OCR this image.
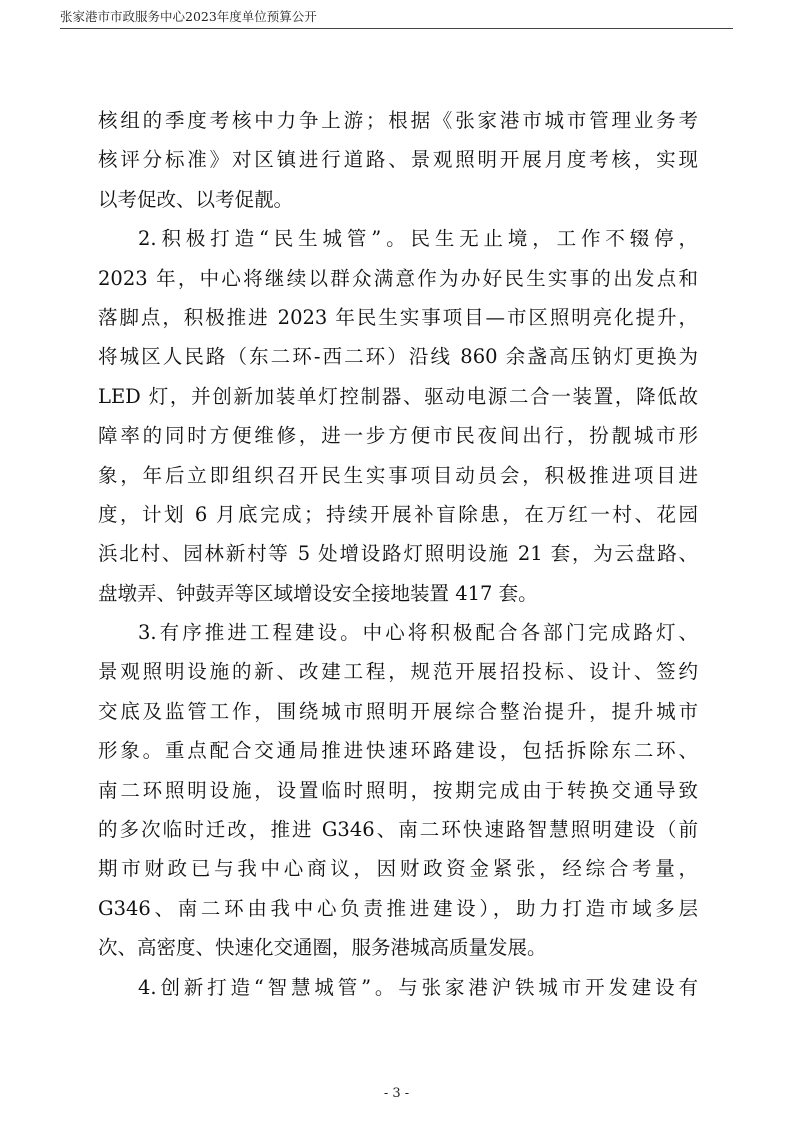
张家港市市政服务中心2023年度单位预算公开
核组的季度考核中力争上游；根据《张家港市城市管理业务考
核评分标准》对区镇进行道路、景观照明开展月度考核，实现
以考促改、以考促靓。
2.积极打造“民生城管”。民生无止境，工作不辍停，
2023 年，中心将继续以群众满意作为办好民生实事的出发点和
落脚点，积极推进 2023 年民生实事项目—市区照明亮化提升，
将城区人民路（东二环-西二环）沿线 860 余盏高压钠灯更换为
LED 灯，并创新加装单灯控制器、驱动电源二合一装置，降低故
障率的同时方便维修，进一步方便市民夜间出行，扮靓城市形
象，年后立即组织召开民生实事项目动员会，积极推进项目进
度，计划 6 月底完成；持续开展补盲除患，在万红一村、花园
浜北村、园林新村等 5 处增设路灯照明设施 21 套，为云盘路、
盘墩弄、钟鼓弄等区域增设安全接地装置 417 套。
3.有序推进工程建设。中心将积极配合各部门完成路灯、
景观照明设施的新、改建工程，规范开展招投标、设计、签约
交底及监管工作，围绕城市照明开展综合整治提升，提升城市
形象。重点配合交通局推进快速环路建设，包括拆除东二环、
南二环照明设施，设置临时照明，按期完成由于转换交通导致
的多次临时迁改，推进 G346、南二环快速路智慧照明建设（前
期市财政已与我中心商议，因财政资金紧张，经综合考量，
G346、南二环由我中心负责推进建设），助力打造市域多层
次、高密度、快速化交通圈，服务港城高质量发展。
4.创新打造“智慧城管”。与张家港沪铁城市开发建设有
- 3 -
